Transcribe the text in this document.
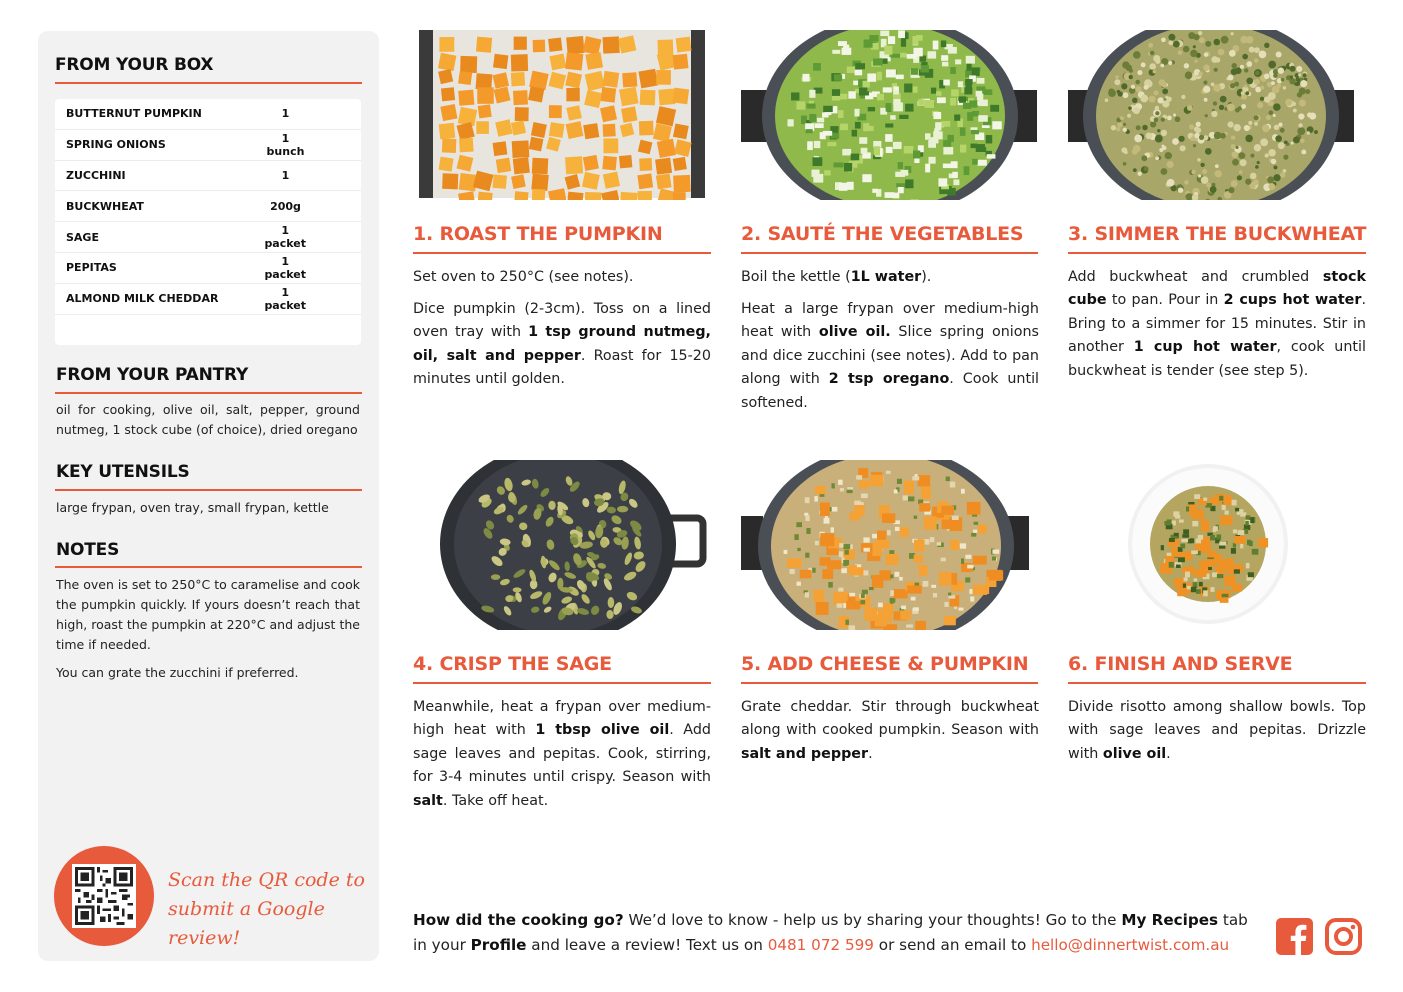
FROM YOUR BOX
BUTTERNUT PUMPKIN	1
SPRING ONIONS	1 bunch
ZUCCHINI	1
BUCKWHEAT	200g
SAGE	1 packet
PEPITAS	1 packet
ALMOND MILK CHEDDAR	1 packet
FROM YOUR PANTRY
oil for cooking, olive oil, salt, pepper, ground nutmeg, 1 stock cube (of choice), dried oregano
KEY UTENSILS
large frypan, oven tray, small frypan, kettle
NOTES
The oven is set to 250°C to caramelise and cook the pumpkin quickly. If yours doesn’t reach that high, roast the pumpkin at 220°C and adjust the time if needed.
You can grate the zucchini if preferred.
Scan the QR code to
submit a Google review!
1. ROAST THE PUMPKIN

Set oven to 250°C (see notes).

Dice pumpkin (2-3cm). Toss on a lined oven tray with 1 tsp ground nutmeg, oil, salt and pepper. Roast for 15-20 minutes until golden.

2. SAUTÉ THE VEGETABLES

Boil the kettle (1L water).

Heat a large frypan over medium-high heat with olive oil. Slice spring onions and dice zucchini (see notes). Add to pan along with 2 tsp oregano. Cook until softened.

3. SIMMER THE BUCKWHEAT

Add buckwheat and crumbled stock cube to pan. Pour in 2 cups hot water. Bring to a simmer for 15 minutes. Stir in another 1 cup hot water, cook until buckwheat is tender (see step 5).

4. CRISP THE SAGE

Meanwhile, heat a frypan over medium-high heat with 1 tbsp olive oil. Add sage leaves and pepitas. Cook, stirring, for 3-4 minutes until crispy. Season with salt. Take off heat.

5. ADD CHEESE & PUMPKIN

Grate cheddar. Stir through buckwheat along with cooked pumpkin. Season with salt and pepper.

6. FINISH AND SERVE

Divide risotto among shallow bowls. Top with sage leaves and pepitas. Drizzle with olive oil.

How did the cooking go? We’d love to know - help us by sharing your thoughts! Go to the My Recipes tab in your Profile and leave a review! Text us on 0481 072 599 or send an email to hello@dinnertwist.com.au
